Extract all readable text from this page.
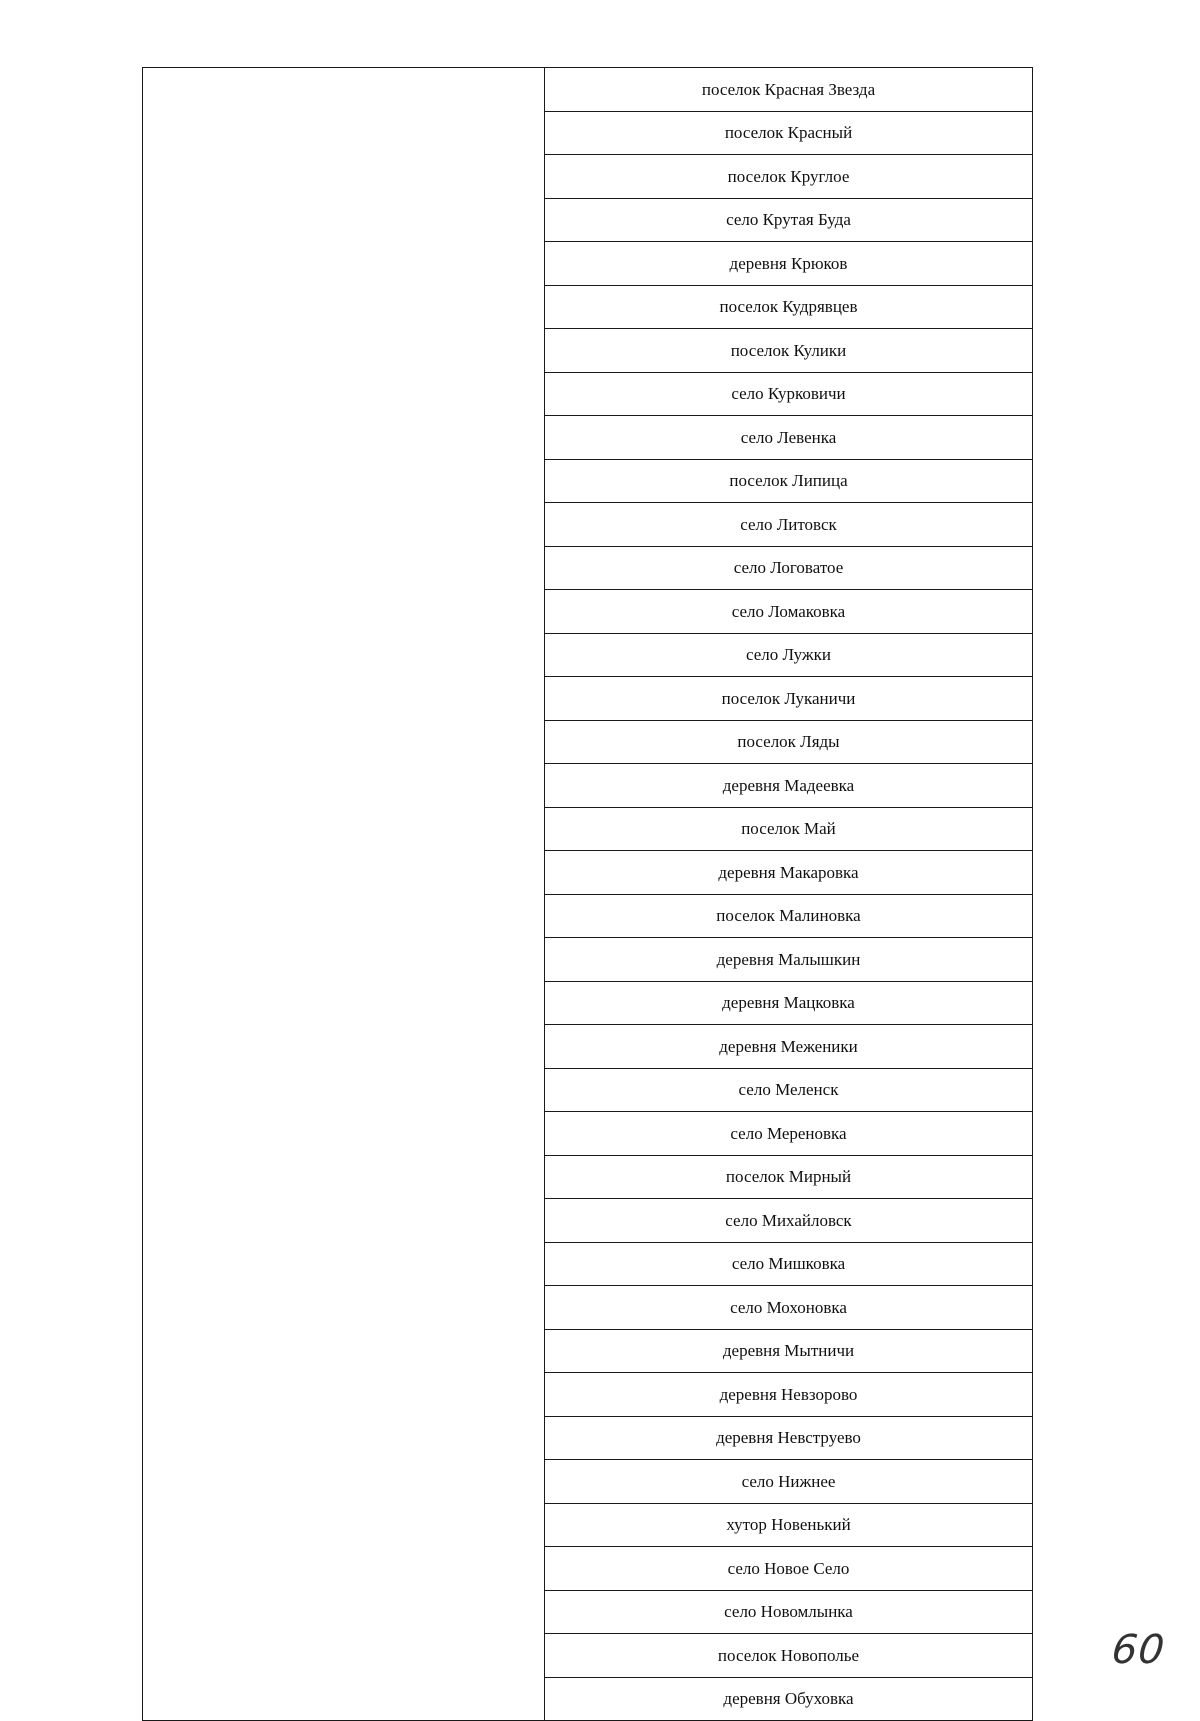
	поселок Красная Звезда
поселок Красный
поселок Круглое
село Крутая Буда
деревня Крюков
поселок Кудрявцев
поселок Кулики
село Курковичи
село Левенка
поселок Липица
село Литовск
село Логоватое
село Ломаковка
село Лужки
поселок Луканичи
поселок Ляды
деревня Мадеевка
поселок Май
деревня Макаровка
поселок Малиновка
деревня Малышкин
деревня Мацковка
деревня Меженики
село Меленск
село Мереновка
поселок Мирный
село Михайловск
село Мишковка
село Мохоновка
деревня Мытничи
деревня Невзорово
деревня Невструево
село Нижнее
хутор Новенький
село Новое Село
село Новомлынка
поселок Новополье
деревня Обуховка
60
